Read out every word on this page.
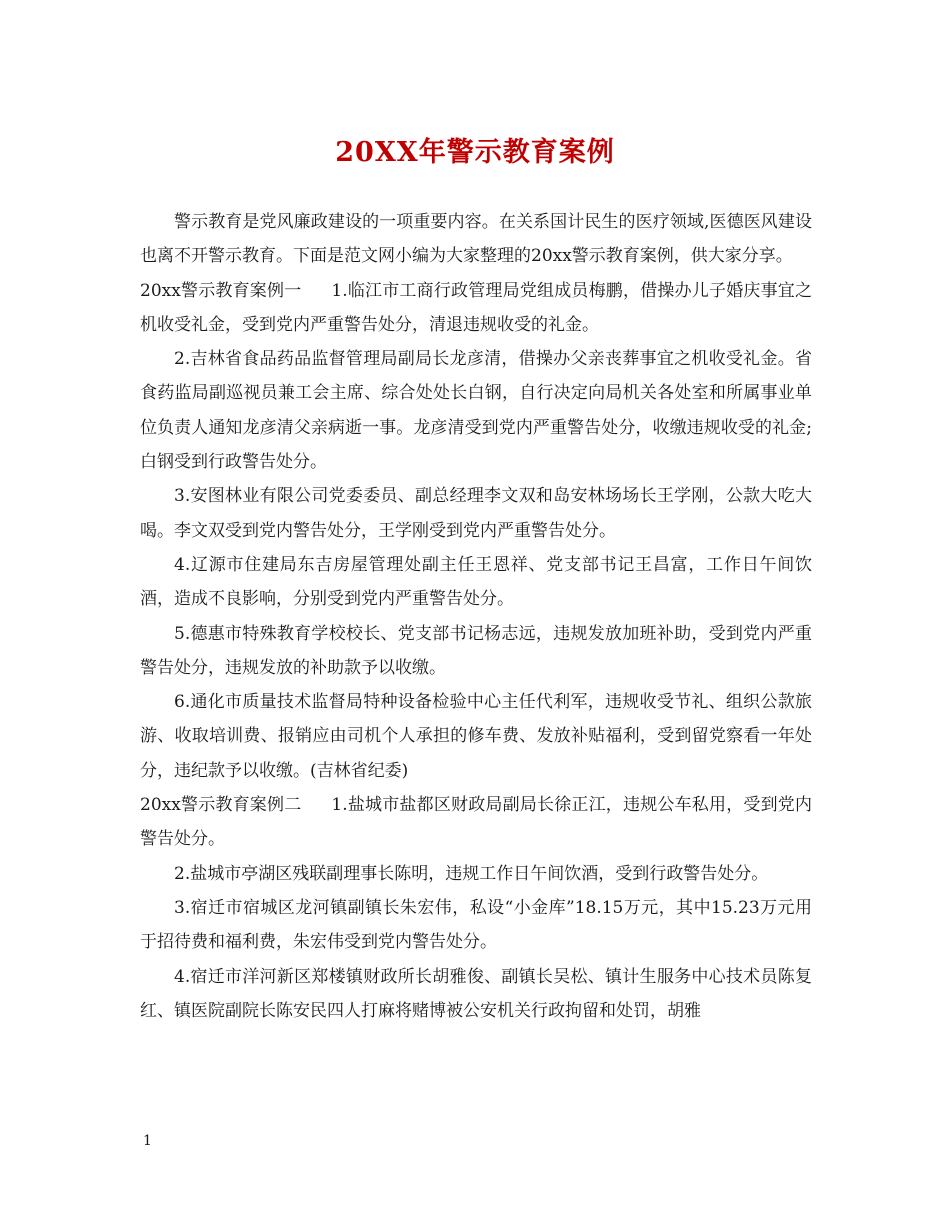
20XX年警示教育案例

警示教育是党风廉政建设的一项重要内容。在关系国计民生的医疗领域,医德医风建设也离不开警示教育。下面是范文网小编为大家整理的20xx警示教育案例，供大家分享。

20xx警示教育案例一 1.临江市工商行政管理局党组成员梅鹏，借操办儿子婚庆事宜之机收受礼金，受到党内严重警告处分，清退违规收受的礼金。

2.吉林省食品药品监督管理局副局长龙彦清，借操办父亲丧葬事宜之机收受礼金。省食药监局副巡视员兼工会主席、综合处处长白钢，自行决定向局机关各处室和所属事业单位负责人通知龙彦清父亲病逝一事。龙彦清受到党内严重警告处分，收缴违规收受的礼金;白钢受到行政警告处分。

3.安图林业有限公司党委委员、副总经理李文双和岛安林场场长王学刚，公款大吃大喝。李文双受到党内警告处分，王学刚受到党内严重警告处分。

4.辽源市住建局东吉房屋管理处副主任王恩祥、党支部书记王昌富，工作日午间饮酒，造成不良影响，分别受到党内严重警告处分。

5.德惠市特殊教育学校校长、党支部书记杨志远，违规发放加班补助，受到党内严重警告处分，违规发放的补助款予以收缴。

6.通化市质量技术监督局特种设备检验中心主任代利军，违规收受节礼、组织公款旅游、收取培训费、报销应由司机个人承担的修车费、发放补贴福利，受到留党察看一年处分，违纪款予以收缴。(吉林省纪委)

20xx警示教育案例二 1.盐城市盐都区财政局副局长徐正江，违规公车私用，受到党内警告处分。

2.盐城市亭湖区残联副理事长陈明，违规工作日午间饮酒，受到行政警告处分。

3.宿迁市宿城区龙河镇副镇长朱宏伟，私设“小金库”18.15万元，其中15.23万元用于招待费和福利费，朱宏伟受到党内警告处分。

4.宿迁市洋河新区郑楼镇财政所长胡雅俊、副镇长吴松、镇计生服务中心技术员陈复红、镇医院副院长陈安民四人打麻将赌博被公安机关行政拘留和处罚，胡雅

1
